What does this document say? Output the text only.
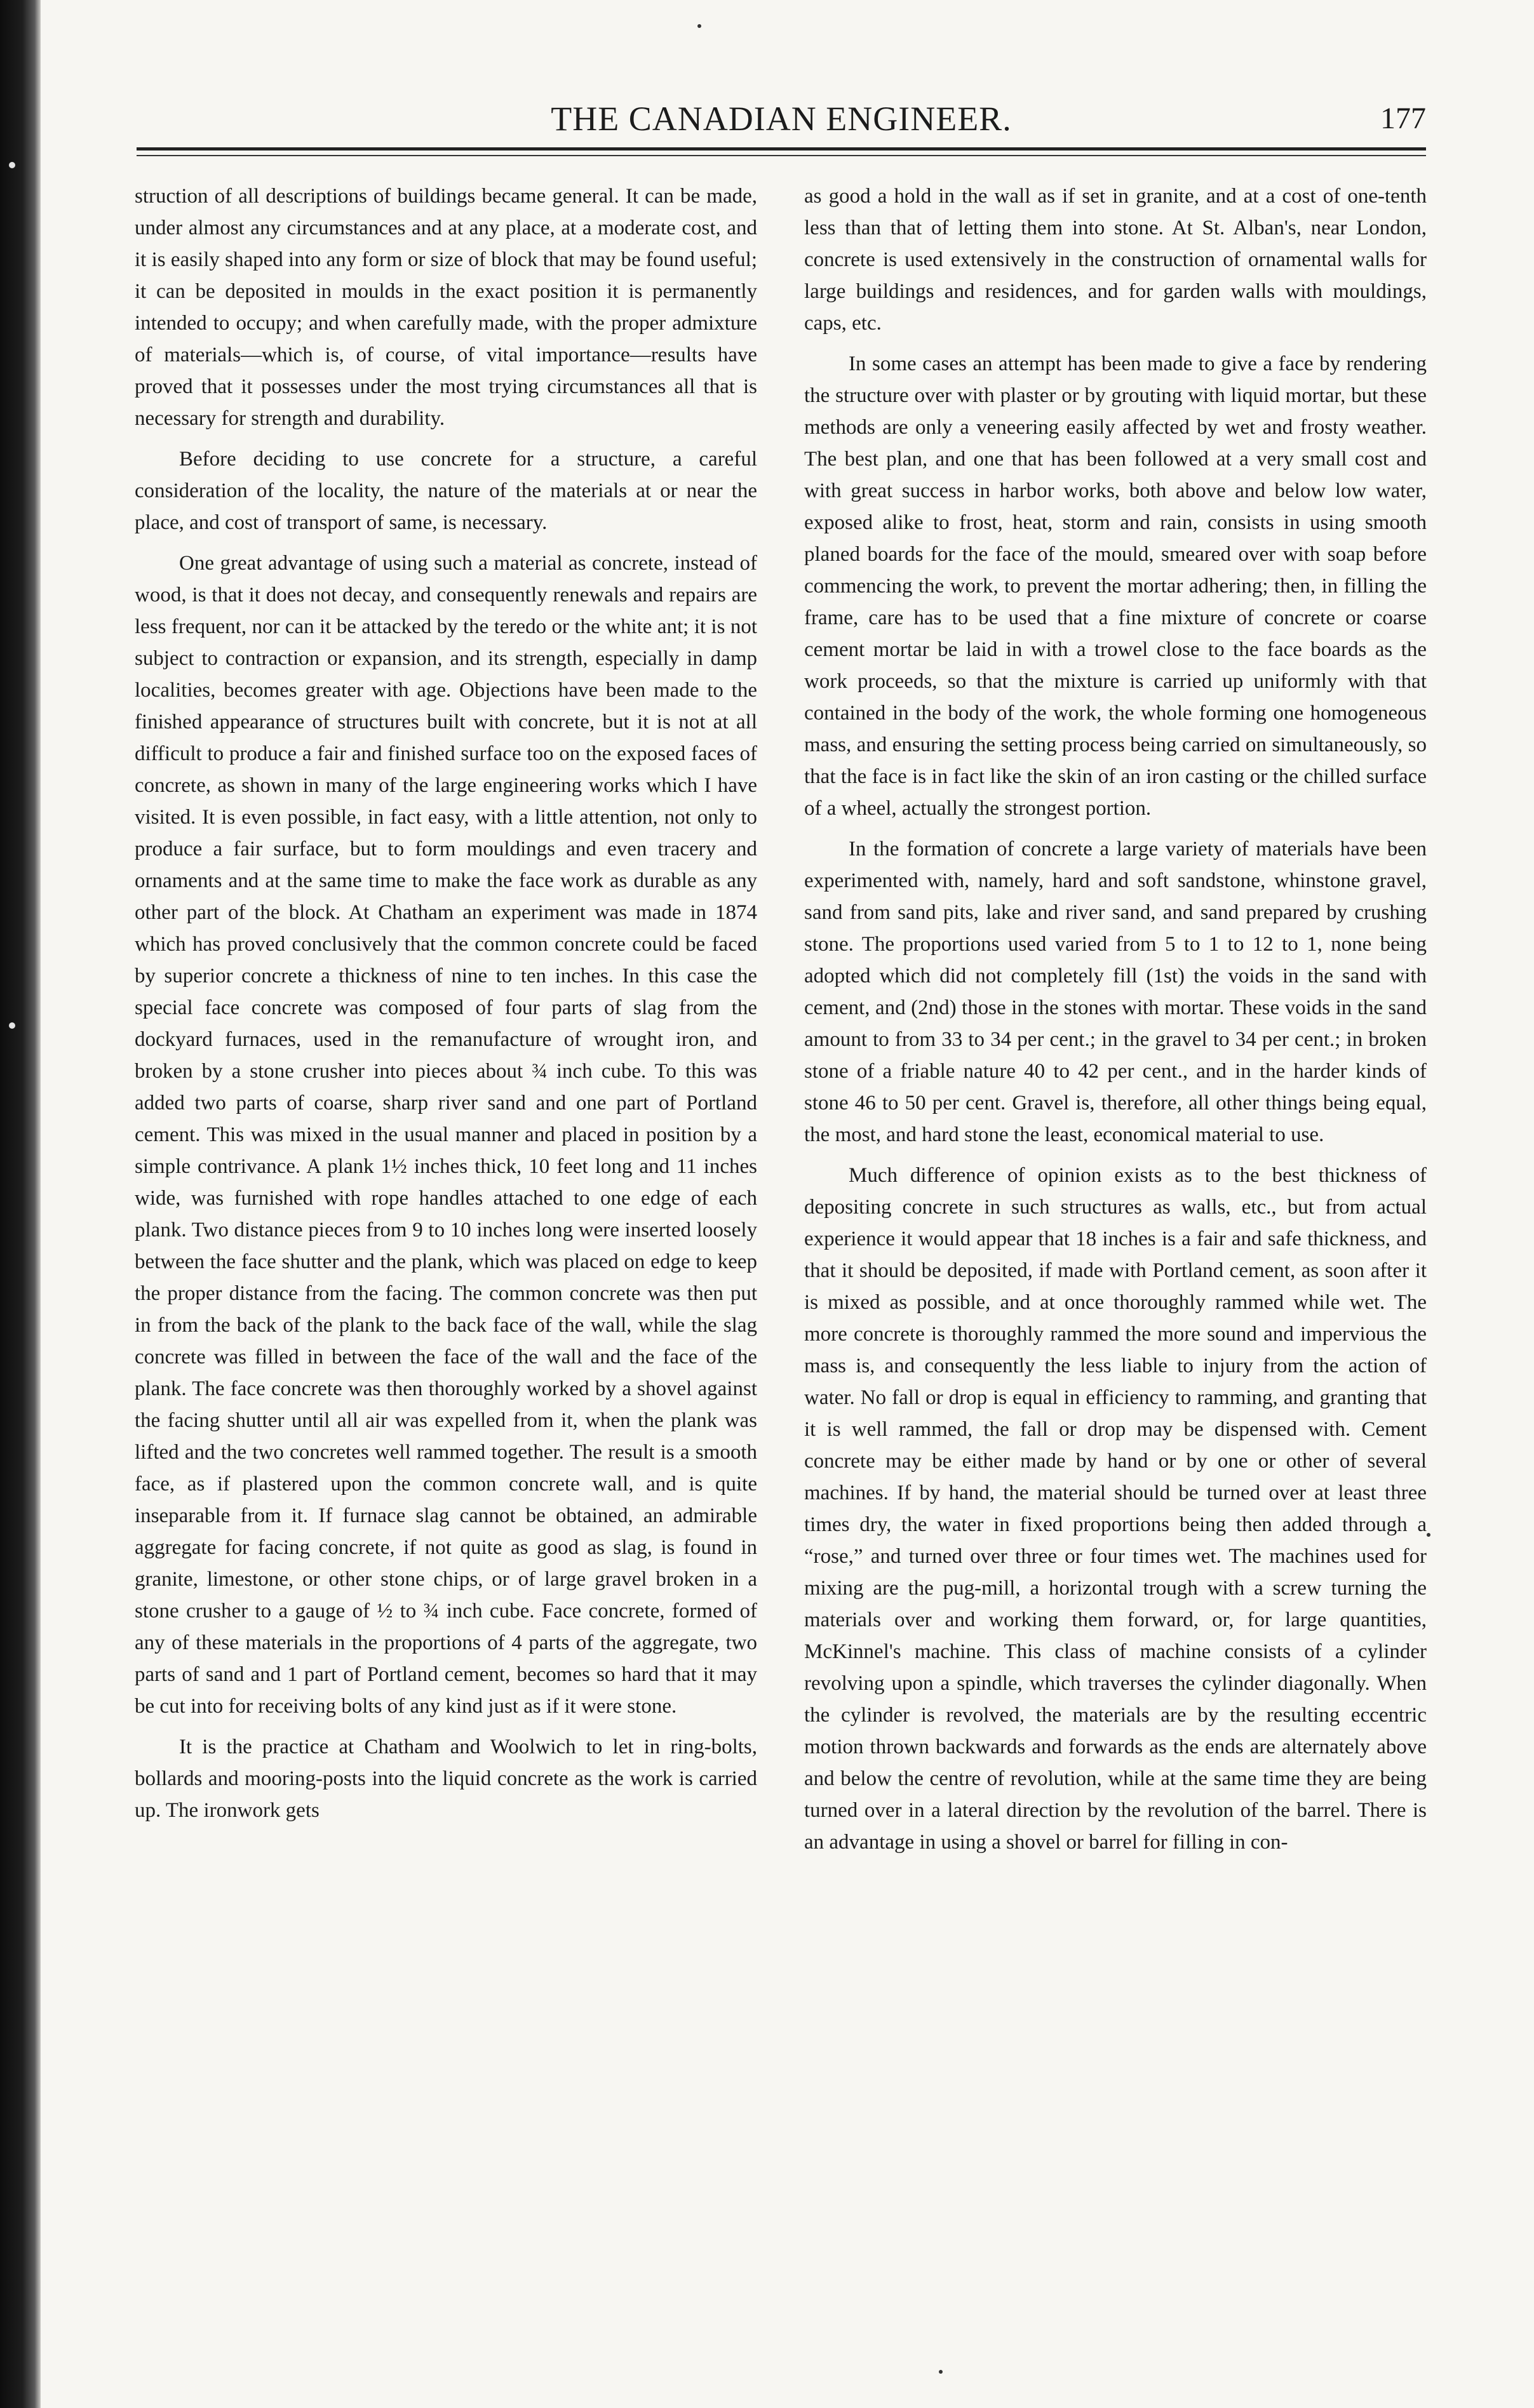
THE CANADIAN ENGINEER.	177

struction of all descriptions of buildings became general. It can be made, under almost any circumstances and at any place, at a moderate cost, and it is easily shaped into any form or size of block that may be found useful; it can be deposited in moulds in the exact position it is permanently intended to occupy; and when carefully made, with the proper admixture of materials—which is, of course, of vital importance—results have proved that it possesses under the most trying circumstances all that is necessary for strength and durability.

Before deciding to use concrete for a structure, a careful consideration of the locality, the nature of the materials at or near the place, and cost of transport of same, is necessary.

One great advantage of using such a material as concrete, instead of wood, is that it does not decay, and consequently renewals and repairs are less frequent, nor can it be attacked by the teredo or the white ant; it is not subject to contraction or expansion, and its strength, especially in damp localities, becomes greater with age. Objections have been made to the finished appearance of structures built with concrete, but it is not at all difficult to produce a fair and finished surface too on the exposed faces of concrete, as shown in many of the large engineering works which I have visited. It is even possible, in fact easy, with a little attention, not only to produce a fair surface, but to form mouldings and even tracery and ornaments and at the same time to make the face work as durable as any other part of the block. At Chatham an experiment was made in 1874 which has proved conclusively that the common concrete could be faced by superior concrete a thickness of nine to ten inches. In this case the special face concrete was composed of four parts of slag from the dockyard furnaces, used in the remanufacture of wrought iron, and broken by a stone crusher into pieces about ¾ inch cube. To this was added two parts of coarse, sharp river sand and one part of Portland cement. This was mixed in the usual manner and placed in position by a simple contrivance. A plank 1½ inches thick, 10 feet long and 11 inches wide, was furnished with rope handles attached to one edge of each plank. Two distance pieces from 9 to 10 inches long were inserted loosely between the face shutter and the plank, which was placed on edge to keep the proper distance from the facing. The common concrete was then put in from the back of the plank to the back face of the wall, while the slag concrete was filled in between the face of the wall and the face of the plank. The face concrete was then thoroughly worked by a shovel against the facing shutter until all air was expelled from it, when the plank was lifted and the two concretes well rammed together. The result is a smooth face, as if plastered upon the common concrete wall, and is quite inseparable from it. If furnace slag cannot be obtained, an admirable aggregate for facing concrete, if not quite as good as slag, is found in granite, limestone, or other stone chips, or of large gravel broken in a stone crusher to a gauge of ½ to ¾ inch cube. Face concrete, formed of any of these materials in the proportions of 4 parts of the aggregate, two parts of sand and 1 part of Portland cement, becomes so hard that it may be cut into for receiving bolts of any kind just as if it were stone.

It is the practice at Chatham and Woolwich to let in ring-bolts, bollards and mooring-posts into the liquid concrete as the work is carried up. The ironwork gets

as good a hold in the wall as if set in granite, and at a cost of one-tenth less than that of letting them into stone. At St. Alban's, near London, concrete is used extensively in the construction of ornamental walls for large buildings and residences, and for garden walls with mouldings, caps, etc.

In some cases an attempt has been made to give a face by rendering the structure over with plaster or by grouting with liquid mortar, but these methods are only a veneering easily affected by wet and frosty weather. The best plan, and one that has been followed at a very small cost and with great success in harbor works, both above and below low water, exposed alike to frost, heat, storm and rain, consists in using smooth planed boards for the face of the mould, smeared over with soap before commencing the work, to prevent the mortar adhering; then, in filling the frame, care has to be used that a fine mixture of concrete or coarse cement mortar be laid in with a trowel close to the face boards as the work proceeds, so that the mixture is carried up uniformly with that contained in the body of the work, the whole forming one homogeneous mass, and ensuring the setting process being carried on simultaneously, so that the face is in fact like the skin of an iron casting or the chilled surface of a wheel, actually the strongest portion.

In the formation of concrete a large variety of materials have been experimented with, namely, hard and soft sandstone, whinstone gravel, sand from sand pits, lake and river sand, and sand prepared by crushing stone. The proportions used varied from 5 to 1 to 12 to 1, none being adopted which did not completely fill (1st) the voids in the sand with cement, and (2nd) those in the stones with mortar. These voids in the sand amount to from 33 to 34 per cent.; in the gravel to 34 per cent.; in broken stone of a friable nature 40 to 42 per cent., and in the harder kinds of stone 46 to 50 per cent. Gravel is, therefore, all other things being equal, the most, and hard stone the least, economical material to use.

Much difference of opinion exists as to the best thickness of depositing concrete in such structures as walls, etc., but from actual experience it would appear that 18 inches is a fair and safe thickness, and that it should be deposited, if made with Portland cement, as soon after it is mixed as possible, and at once thoroughly rammed while wet. The more concrete is thoroughly rammed the more sound and impervious the mass is, and consequently the less liable to injury from the action of water. No fall or drop is equal in efficiency to ramming, and granting that it is well rammed, the fall or drop may be dispensed with. Cement concrete may be either made by hand or by one or other of several machines. If by hand, the material should be turned over at least three times dry, the water in fixed proportions being then added through a “rose,” and turned over three or four times wet. The machines used for mixing are the pug-mill, a horizontal trough with a screw turning the materials over and working them forward, or, for large quantities, McKinnel's machine. This class of machine consists of a cylinder revolving upon a spindle, which traverses the cylinder diagonally. When the cylinder is revolved, the materials are by the resulting eccentric motion thrown backwards and forwards as the ends are alternately above and below the centre of revolution, while at the same time they are being turned over in a lateral direction by the revolution of the barrel. There is an advantage in using a shovel or barrel for filling in con-
